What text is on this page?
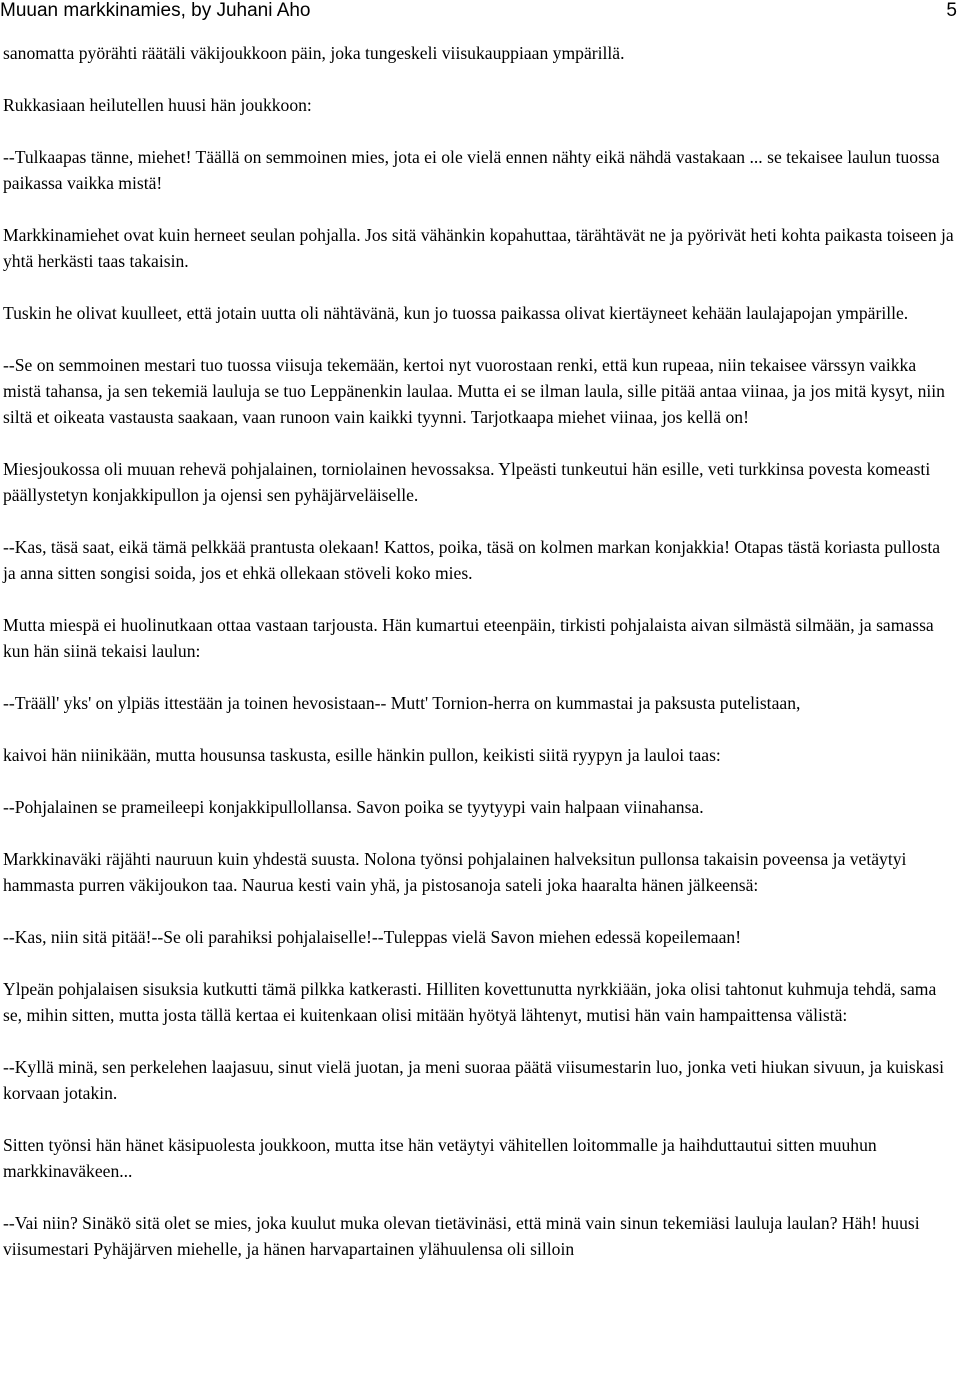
Muuan markkinamies, by Juhani Aho	5

sanomatta pyörähti räätäli väkijoukkoon päin, joka tungeskeli viisukauppiaan ympärillä.

Rukkasiaan heilutellen huusi hän joukkoon:

--Tulkaapas tänne, miehet! Täällä on semmoinen mies, jota ei ole vielä ennen nähty eikä nähdä vastakaan ... se tekaisee laulun tuossa paikassa vaikka mistä!

Markkinamiehet ovat kuin herneet seulan pohjalla. Jos sitä vähänkin kopahuttaa, tärähtävät ne ja pyörivät heti kohta paikasta toiseen ja yhtä herkästi taas takaisin.

Tuskin he olivat kuulleet, että jotain uutta oli nähtävänä, kun jo tuossa paikassa olivat kiertäyneet kehään laulajapojan ympärille.

--Se on semmoinen mestari tuo tuossa viisuja tekemään, kertoi nyt vuorostaan renki, että kun rupeaa, niin tekaisee värssyn vaikka mistä tahansa, ja sen tekemiä lauluja se tuo Leppänenkin laulaa. Mutta ei se ilman laula, sille pitää antaa viinaa, ja jos mitä kysyt, niin siltä et oikeata vastausta saakaan, vaan runoon vain kaikki tyynni. Tarjotkaapa miehet viinaa, jos kellä on!

Miesjoukossa oli muuan rehevä pohjalainen, torniolainen hevossaksa. Ylpeästi tunkeutui hän esille, veti turkkinsa povesta komeasti päällystetyn konjakkipullon ja ojensi sen pyhäjärveläiselle.

--Kas, täsä saat, eikä tämä pelkkää prantusta olekaan! Kattos, poika, täsä on kolmen markan konjakkia! Otapas tästä koriasta pullosta ja anna sitten songisi soida, jos et ehkä ollekaan stöveli koko mies.

Mutta miespä ei huolinutkaan ottaa vastaan tarjousta. Hän kumartui eteenpäin, tirkisti pohjalaista aivan silmästä silmään, ja samassa kun hän siinä tekaisi laulun:

--Trääll' yks' on ylpiäs ittestään ja toinen hevosistaan-- Mutt' Tornion-herra on kummastai ja paksusta putelistaan,

kaivoi hän niinikään, mutta housunsa taskusta, esille hänkin pullon, keikisti siitä ryypyn ja lauloi taas:

--Pohjalainen se prameileepi konjakkipullollansa. Savon poika se tyytyypi vain halpaan viinahansa.

Markkinaväki räjähti nauruun kuin yhdestä suusta. Nolona työnsi pohjalainen halveksitun pullonsa takaisin poveensa ja vetäytyi hammasta purren väkijoukon taa. Naurua kesti vain yhä, ja pistosanoja sateli joka haaralta hänen jälkeensä:

--Kas, niin sitä pitää!--Se oli parahiksi pohjalaiselle!--Tuleppas vielä Savon miehen edessä kopeilemaan!

Ylpeän pohjalaisen sisuksia kutkutti tämä pilkka katkerasti. Hilliten kovettunutta nyrkkiään, joka olisi tahtonut kuhmuja tehdä, sama se, mihin sitten, mutta josta tällä kertaa ei kuitenkaan olisi mitään hyötyä lähtenyt, mutisi hän vain hampaittensa välistä:

--Kyllä minä, sen perkelehen laajasuu, sinut vielä juotan, ja meni suoraa päätä viisumestarin luo, jonka veti hiukan sivuun, ja kuiskasi korvaan jotakin.

Sitten työnsi hän hänet käsipuolesta joukkoon, mutta itse hän vetäytyi vähitellen loitommalle ja haihduttautui sitten muuhun markkinaväkeen...

--Vai niin? Sinäkö sitä olet se mies, joka kuulut muka olevan tietävinäsi, että minä vain sinun tekemiäsi lauluja laulan? Häh! huusi viisumestari Pyhäjärven miehelle, ja hänen harvapartainen ylähuulensa oli silloin
